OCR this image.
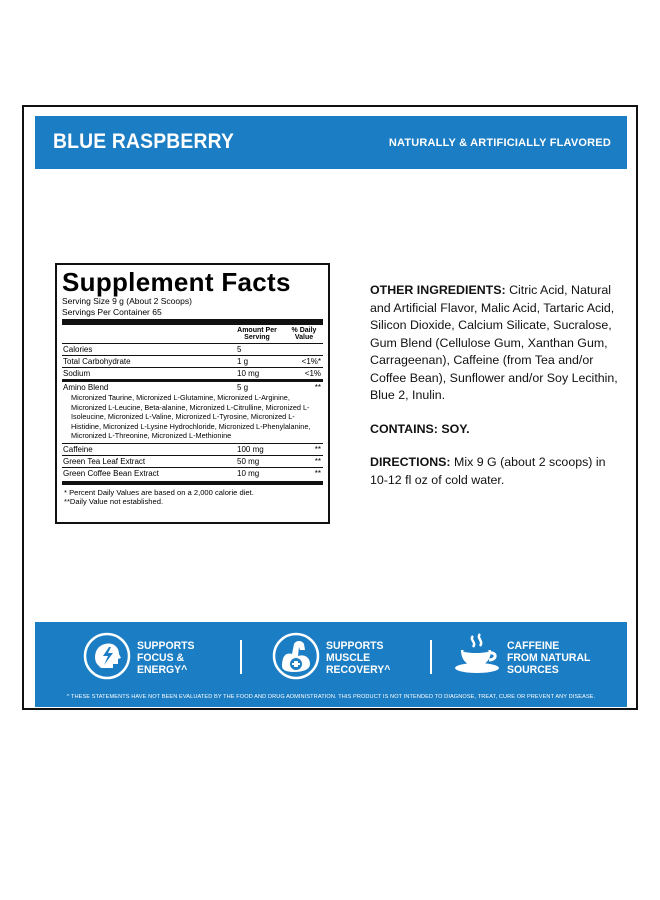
BLUE RASPBERRY	NATURALLY & ARTIFICIALLY FLAVORED
Supplement Facts
Serving Size 9 g (About 2 Scoops)
Servings Per Container 65
Amount Per Serving
% Daily Value
Calories	5
Total Carbohydrate	1 g	<1%*
Sodium	10 mg	<1%
Amino Blend	5 g	**
Micronized Taurine, Micronized L-Glutamine, Micronized L-Arginine, Micronized L-Leucine, Beta-alanine, Micronized L-Citrulline, Micronized L-Isoleucine, Micronized L-Valine, Micronized L-Tyrosine, Micronized L-Histidine, Micronized L-Lysine Hydrochloride, Micronized L-Phenylalanine, Micronized L-Threonine, Micronized L-Methionine
Caffeine	100 mg	**
Green Tea Leaf Extract	50 mg	**
Green Coffee Bean Extract	10 mg	**
* Percent Daily Values are based on a 2,000 calorie diet.
**Daily Value not established.
OTHER INGREDIENTS: Citric Acid, Natural and Artificial Flavor, Malic Acid, Tartaric Acid, Silicon Dioxide, Calcium Silicate, Sucralose, Gum Blend (Cellulose Gum, Xanthan Gum, Carrageenan), Caffeine (from Tea and/or Coffee Bean), Sunflower and/or Soy Lecithin, Blue 2, Inulin.
CONTAINS: SOY.
DIRECTIONS: Mix 9 G (about 2 scoops) in 10-12 fl oz of cold water.
SUPPORTS
FOCUS &
ENERGY^
SUPPORTS
MUSCLE
RECOVERY^
CAFFEINE
FROM NATURAL
SOURCES
^ THESE STATEMENTS HAVE NOT BEEN EVALUATED BY THE FOOD AND DRUG ADMINISTRATION. THIS PRODUCT IS NOT INTENDED TO DIAGNOSE, TREAT, CURE OR PREVENT ANY DISEASE.
